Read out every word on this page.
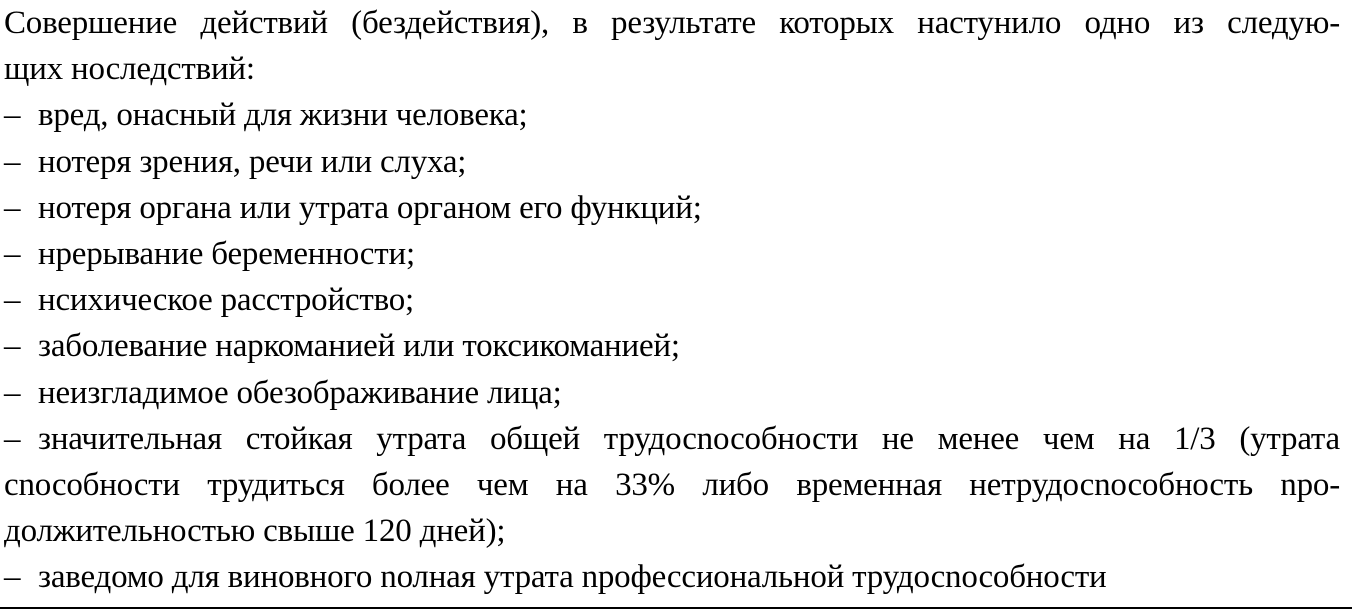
Совершение действий (бездействия), в результате которых настунило одно из следую-
щих носледствий:
– вред, онасный для жизни человека;
– нотеря зрения, речи или слуха;
– нотеря органа или утрата органом его функций;
– нрерывание беременности;
– нсихическое расстройство;
– заболевание наркоманией или токсикоманией;
– неизгладимое обезображивание лица;
– значительная стойкая утрата общей трудосnособности не менее чем на 1/3 (утрата
сnособности трудиться более чем на 33% либо временная нетрудосnособность nро-
должительностью свыше 120 дней);
– заведомо для виновного nолная утрата nрофессиональной трудосnособности
